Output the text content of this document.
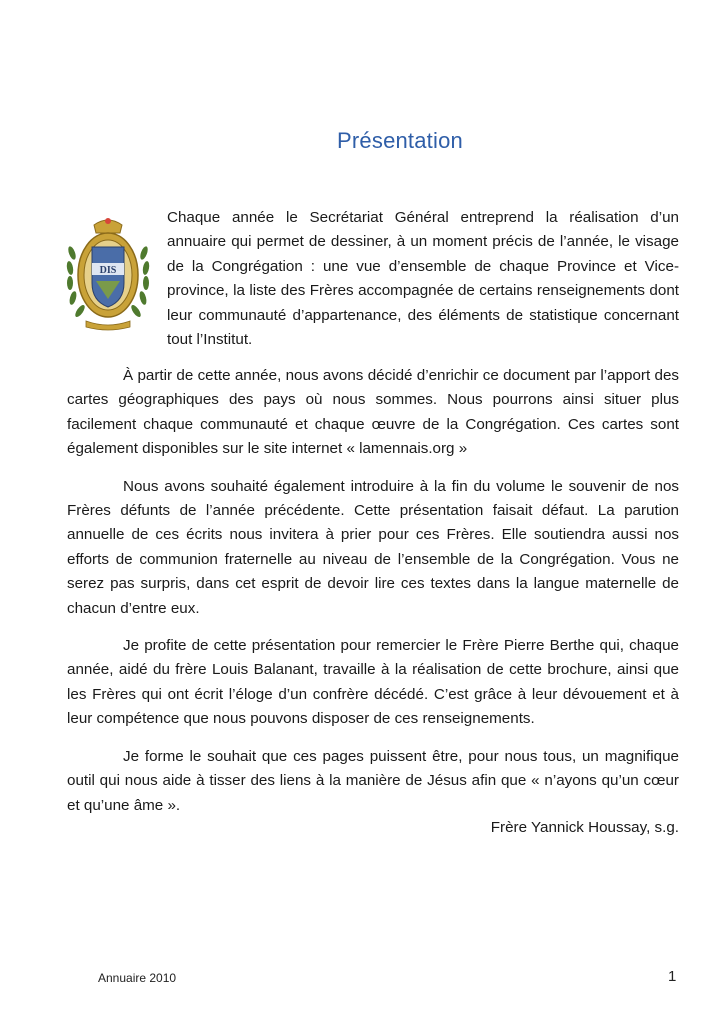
Présentation
DIS
Chaque année le Secrétariat Général entreprend la réalisation d’un annuaire qui permet de dessiner, à un moment précis de l’année, le visage de la Congrégation : une vue d’ensemble de chaque Province et Vice-province, la liste des Frères accompagnée de certains renseignements dont leur communauté d’appartenance, des éléments de statistique concernant tout l’Institut.

À partir de cette année, nous avons décidé d’enrichir ce document par l’apport des cartes géographiques des pays où nous sommes. Nous pourrons ainsi situer plus facilement chaque communauté et chaque œuvre de la Congrégation. Ces cartes sont également disponibles sur le site internet « lamennais.org »

Nous avons souhaité également introduire à la fin du volume le souvenir de nos Frères défunts de l’année précédente. Cette présentation faisait défaut. La parution annuelle de ces écrits nous invitera à prier pour ces Frères. Elle soutiendra aussi nos efforts de communion fraternelle au niveau de l’ensemble de la Congrégation. Vous ne serez pas surpris, dans cet esprit de devoir lire ces textes dans la langue maternelle de chacun d’entre eux.

Je profite de cette présentation pour remercier le Frère Pierre Berthe qui, chaque année, aidé du frère Louis Balanant, travaille à la réalisation de cette brochure, ainsi que les Frères qui ont écrit l’éloge d’un confrère décédé. C’est grâce à leur dévouement et à leur compétence que nous pouvons disposer de ces renseignements.

Je forme le souhait que ces pages puissent être, pour nous tous, un magnifique outil qui nous aide à tisser des liens à la manière de Jésus afin que « n’ayons qu’un cœur et qu’une âme ».

Frère Yannick Houssay, s.g.
Annuaire 2010	1
